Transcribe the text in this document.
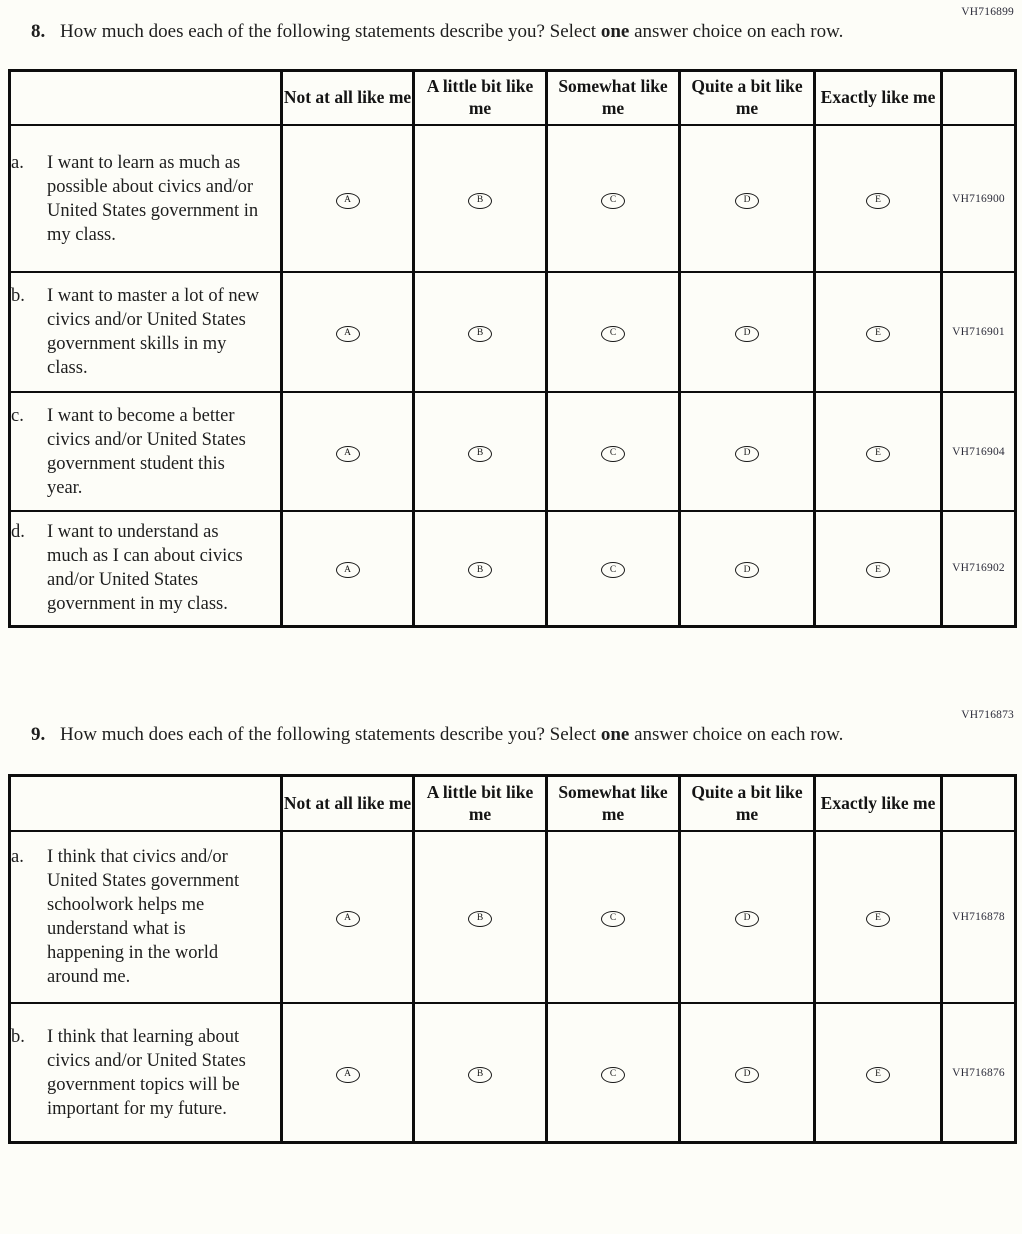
VH716899
8. How much does each of the following statements describe you? Select one answer choice on each row.
	Not at all like me	A little bit like me	Somewhat like me	Quite a bit like me	Exactly like me	

a. I want to learn as much as possible about civics and/or United States government in my class.	A	B	C	D	E	VH716900

b. I want to master a lot of new civics and/or United States government skills in my class.	A	B	C	D	E	VH716901

c. I want to become a better civics and/or United States government student this year.	A	B	C	D	E	VH716904

d. I want to understand as much as I can about civics and/or United States government in my class.	A	B	C	D	E	VH716902
VH716873
9. How much does each of the following statements describe you? Select one answer choice on each row.
	Not at all like me	A little bit like me	Somewhat like me	Quite a bit like me	Exactly like me	

a. I think that civics and/or United States government schoolwork helps me understand what is happening in the world around me.	A	B	C	D	E	VH716878

b. I think that learning about civics and/or United States government topics will be important for my future.	A	B	C	D	E	VH716876
